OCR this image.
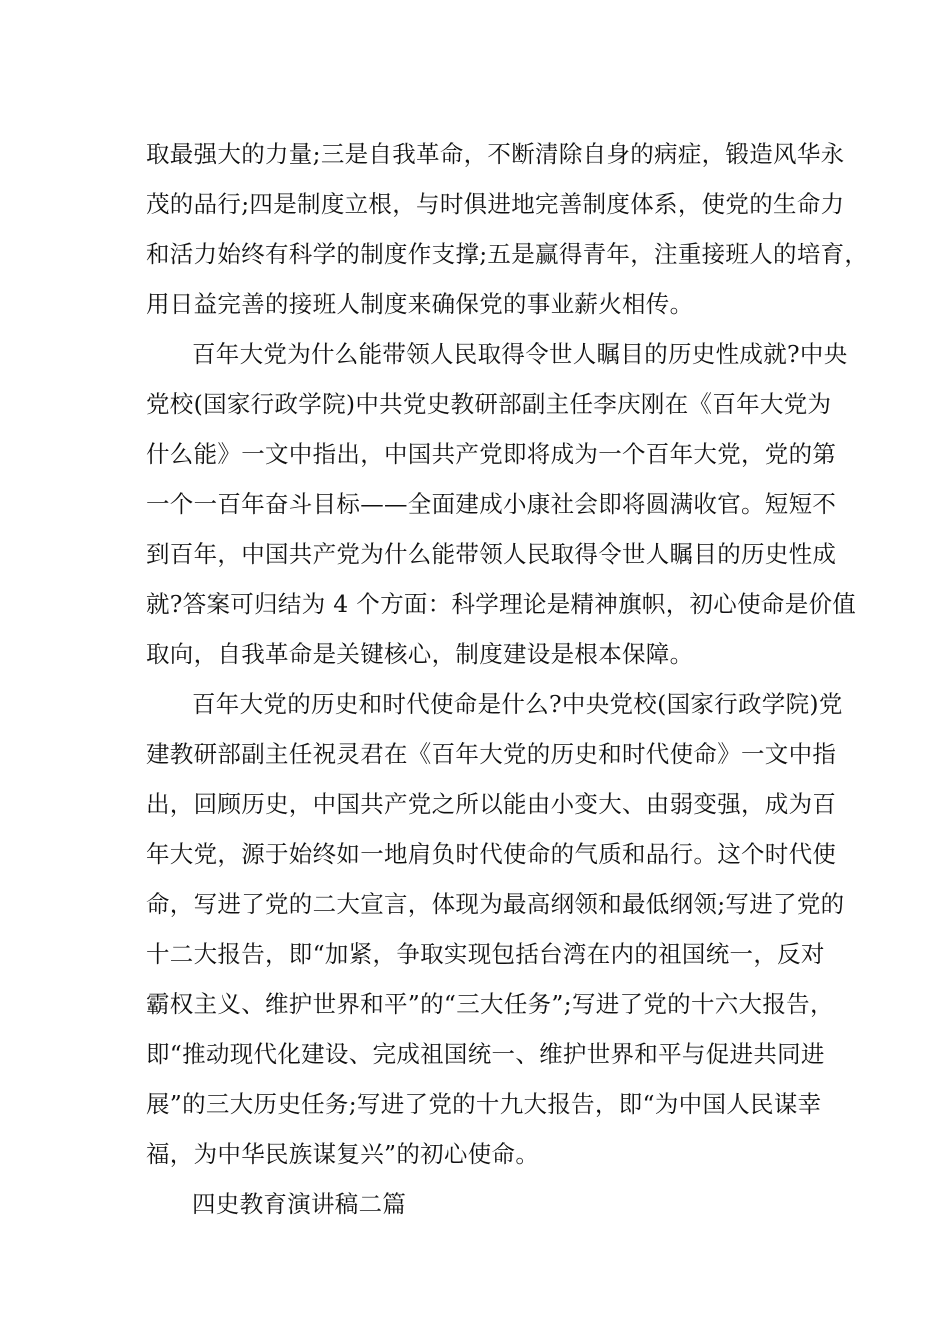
取最强大的力量;三是自我革命，不断清除自身的病症，锻造风华永
茂的品行;四是制度立根，与时俱进地完善制度体系，使党的生命力
和活力始终有科学的制度作支撑;五是赢得青年，注重接班人的培育，
用日益完善的接班人制度来确保党的事业薪火相传。
百年大党为什么能带领人民取得令世人瞩目的历史性成就?中央
党校(国家行政学院)中共党史教研部副主任李庆刚在《百年大党为
什么能》一文中指出，中国共产党即将成为一个百年大党，党的第
一个一百年奋斗目标——全面建成小康社会即将圆满收官。短短不
到百年，中国共产党为什么能带领人民取得令世人瞩目的历史性成
就?答案可归结为 4 个方面：科学理论是精神旗帜，初心使命是价值
取向，自我革命是关键核心，制度建设是根本保障。
百年大党的历史和时代使命是什么?中央党校(国家行政学院)党
建教研部副主任祝灵君在《百年大党的历史和时代使命》一文中指
出，回顾历史，中国共产党之所以能由小变大、由弱变强，成为百
年大党，源于始终如一地肩负时代使命的气质和品行。这个时代使
命，写进了党的二大宣言，体现为最高纲领和最低纲领;写进了党的
十二大报告，即“加紧，争取实现包括台湾在内的祖国统一，反对
霸权主义、维护世界和平”的“三大任务”;写进了党的十六大报告，
即“推动现代化建设、完成祖国统一、维护世界和平与促进共同进
展”的三大历史任务;写进了党的十九大报告，即“为中国人民谋幸
福，为中华民族谋复兴”的初心使命。
四史教育演讲稿二篇
